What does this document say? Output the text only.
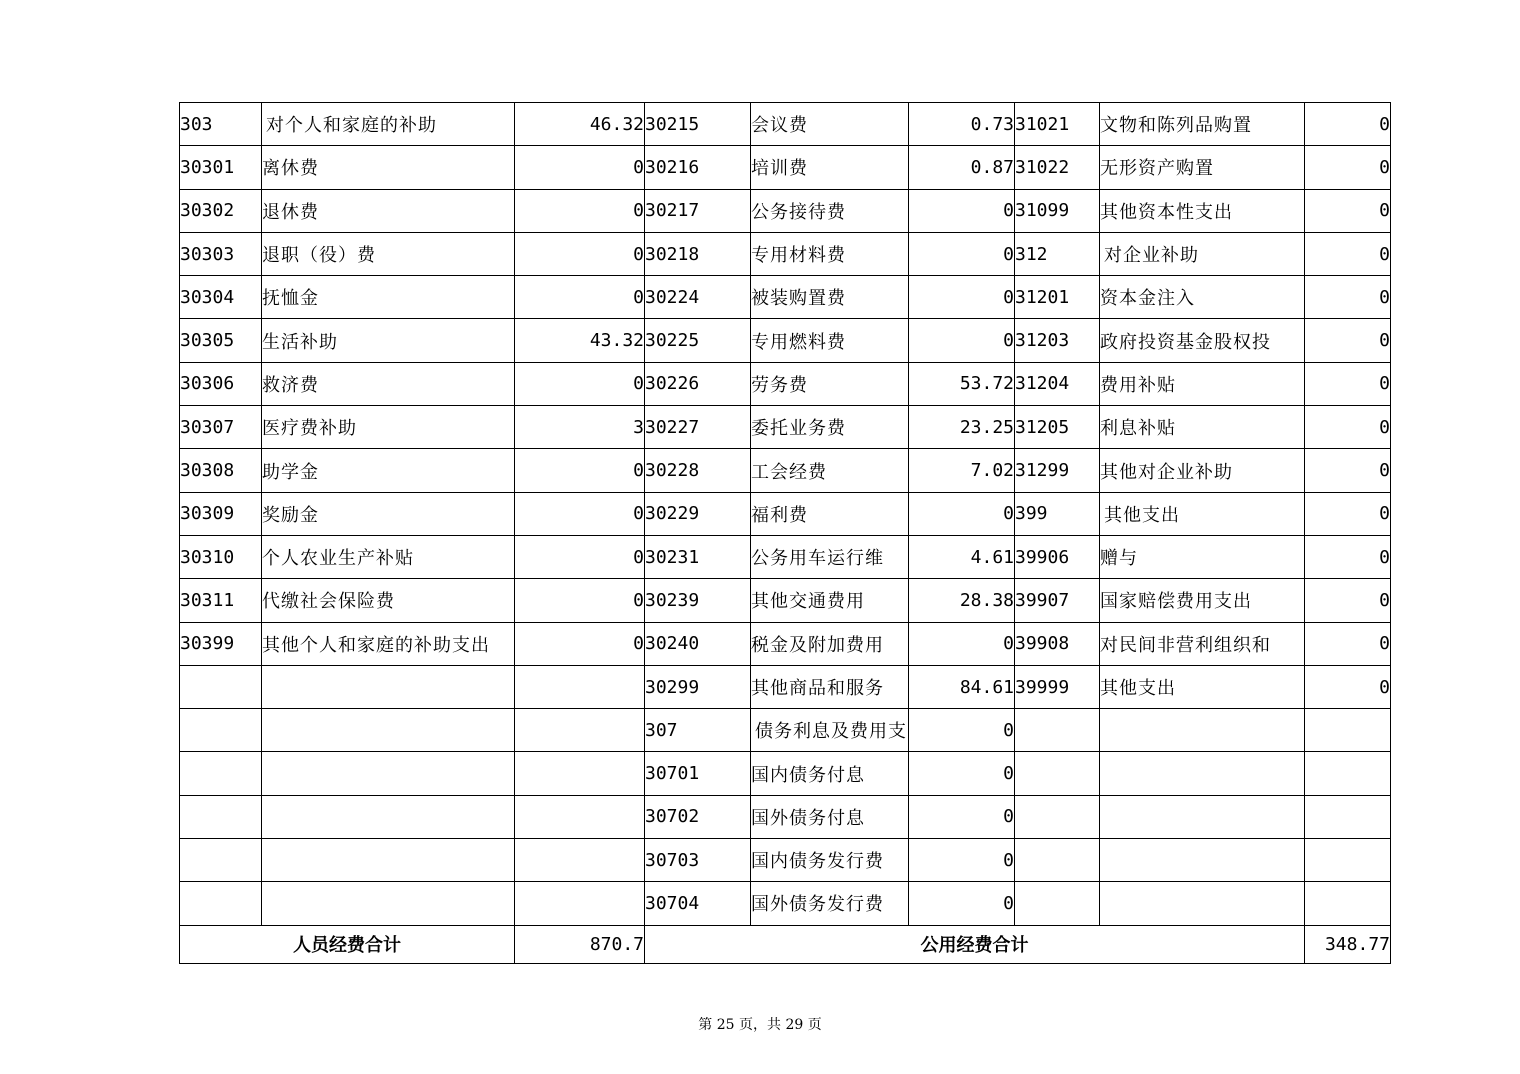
303	对个人和家庭的补助	46.32	30215	会议费	0.73	31021	文物和陈列品购置	0
30301	离休费	0	30216	培训费	0.87	31022	无形资产购置	0
30302	退休费	0	30217	公务接待费	0	31099	其他资本性支出	0
30303	退职（役）费	0	30218	专用材料费	0	312	对企业补助	0
30304	抚恤金	0	30224	被装购置费	0	31201	资本金注入	0
30305	生活补助	43.32	30225	专用燃料费	0	31203	政府投资基金股权投	0
30306	救济费	0	30226	劳务费	53.72	31204	费用补贴	0
30307	医疗费补助	3	30227	委托业务费	23.25	31205	利息补贴	0
30308	助学金	0	30228	工会经费	7.02	31299	其他对企业补助	0
30309	奖励金	0	30229	福利费	0	399	其他支出	0
30310	个人农业生产补贴	0	30231	公务用车运行维	4.61	39906	赠与	0
30311	代缴社会保险费	0	30239	其他交通费用	28.38	39907	国家赔偿费用支出	0
30399	其他个人和家庭的补助支出	0	30240	税金及附加费用	0	39908	对民间非营利组织和	0
			30299	其他商品和服务	84.61	39999	其他支出	0
			307	债务利息及费用支	0			
			30701	国内债务付息	0			
			30702	国外债务付息	0			
			30703	国内债务发行费	0			
			30704	国外债务发行费	0			
人员经费合计		870.7	公用经费合计					348.77
第 25 页，共 29 页
